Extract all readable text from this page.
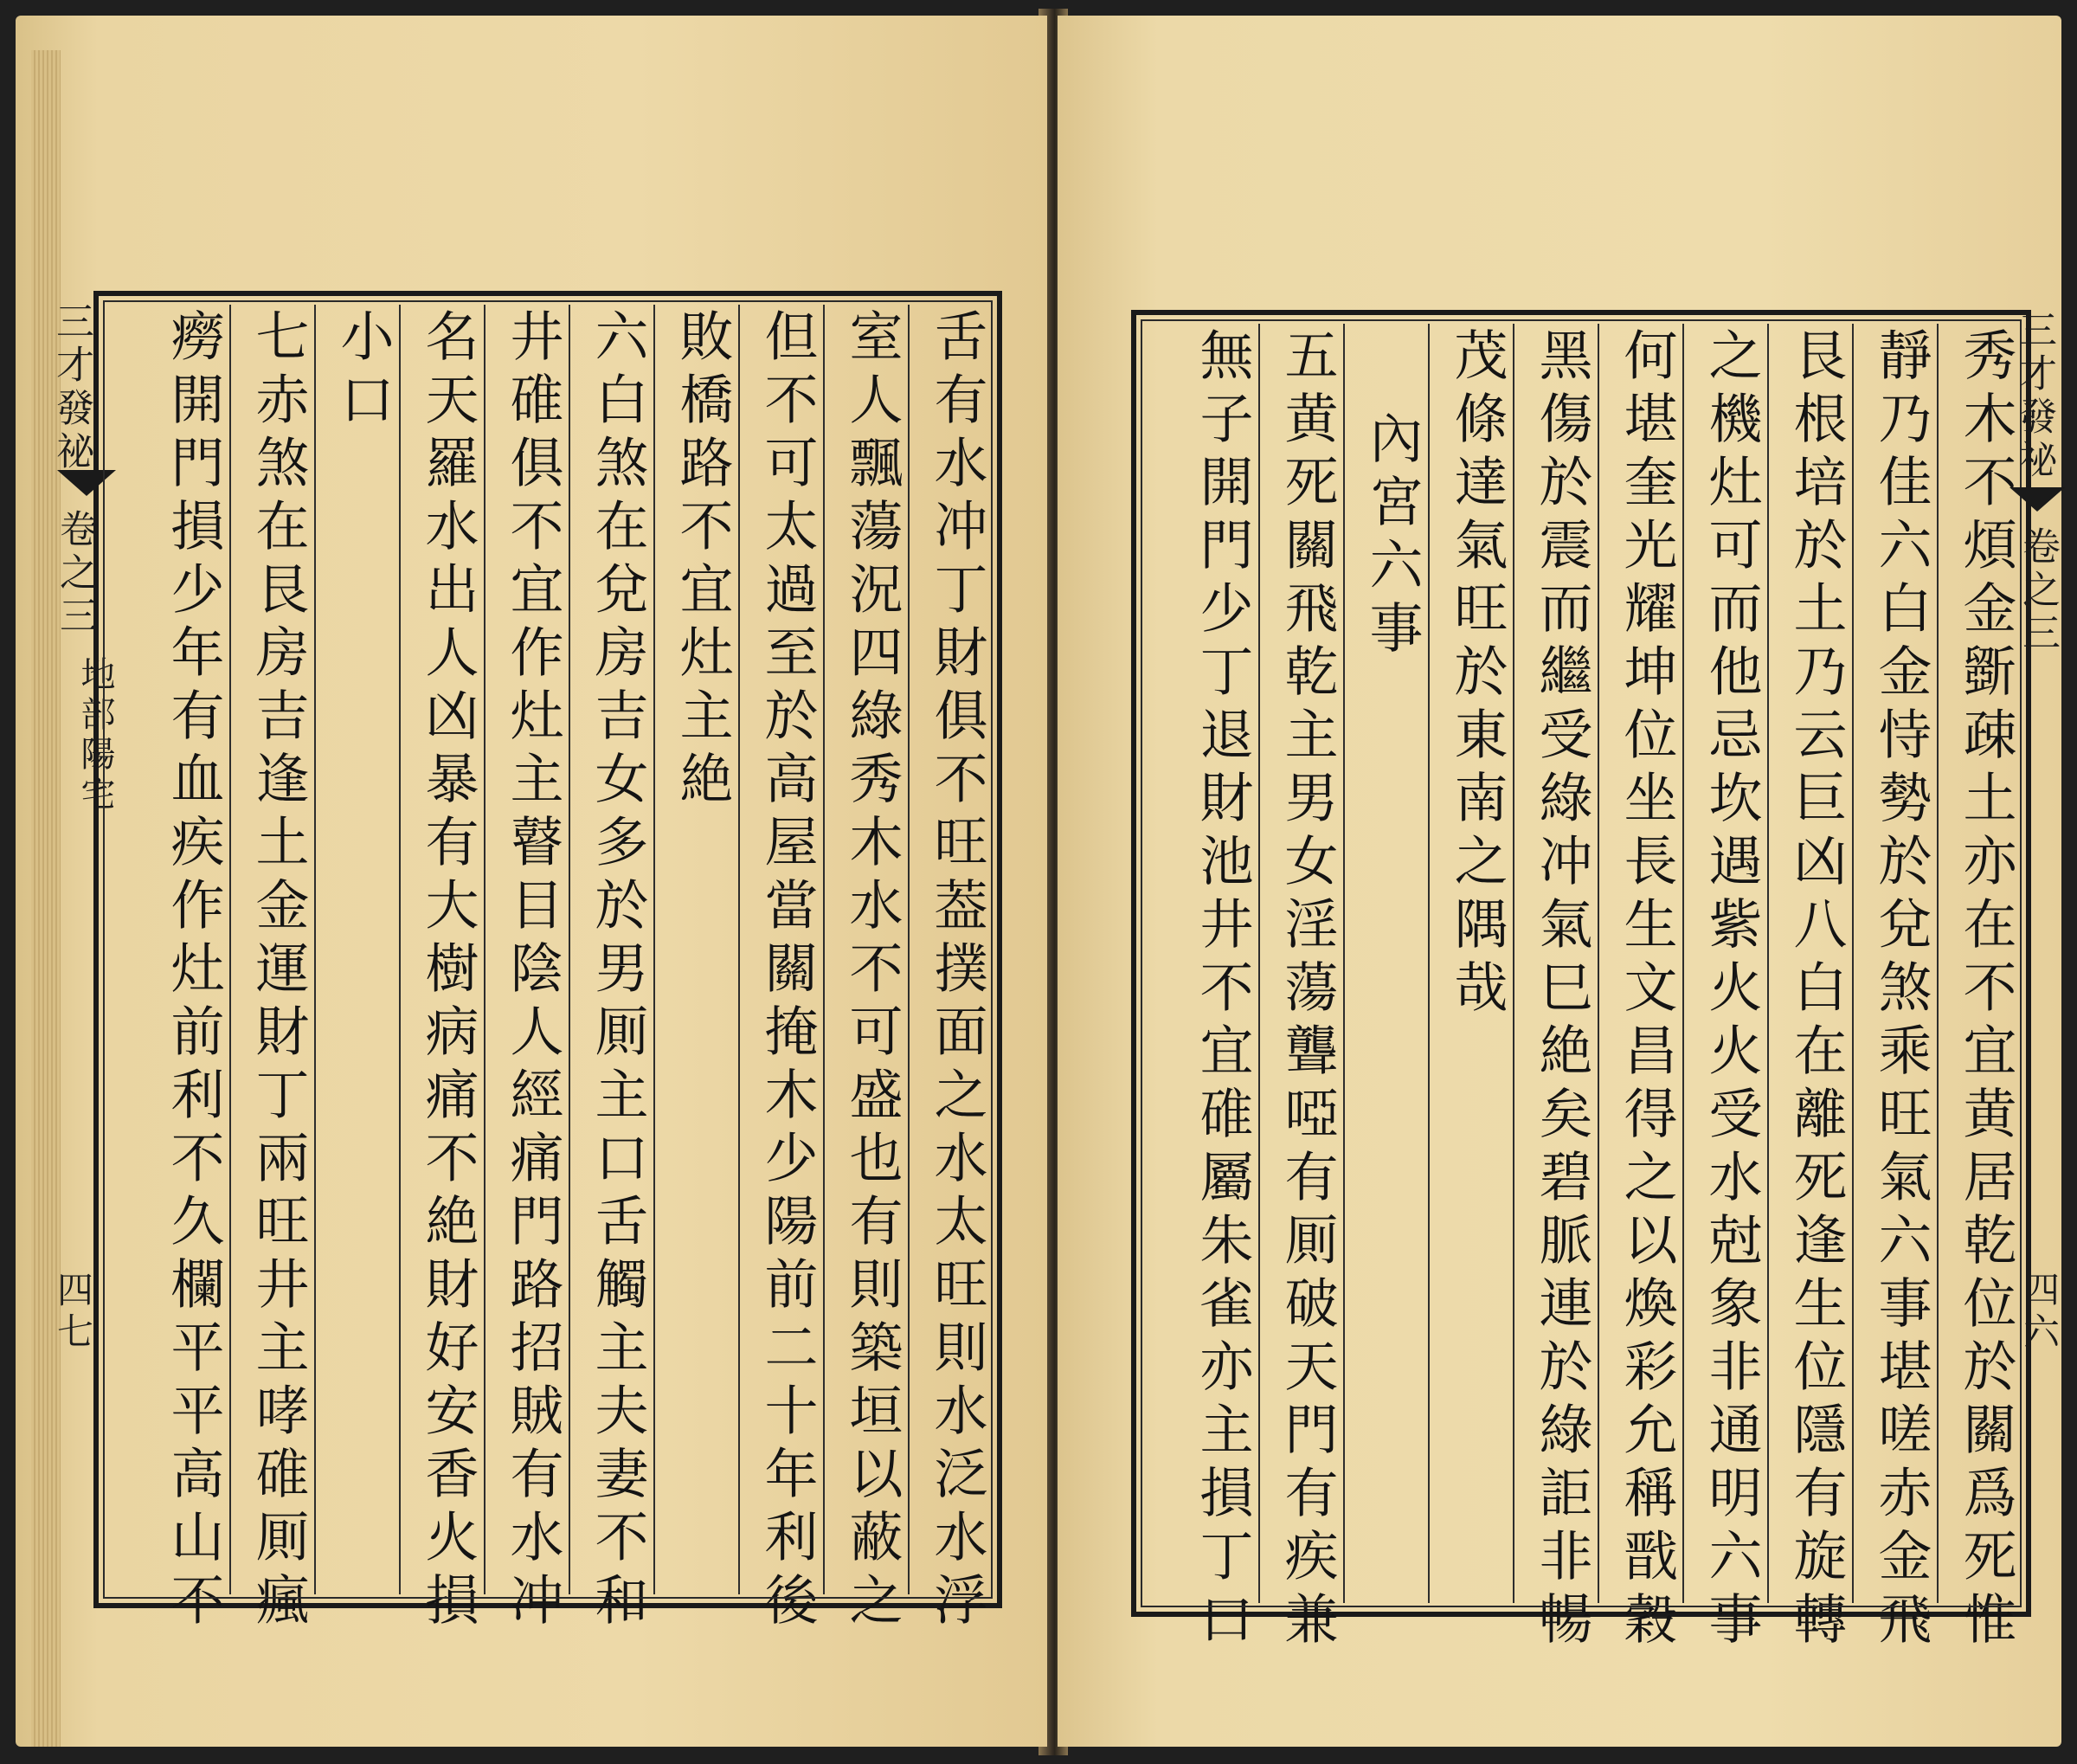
三才發祕
卷之三
地部陽宅
四七	舌有水冲丁財俱不旺葢撲面之水太旺則水泛水浮
室人飄蕩況四綠秀木水不可盛也有則築垣以蔽之
但不可太過至於高屋當關掩木少陽前二十年利後
敗橋路不宜灶主絶
六白煞在兌房吉女多於男厠主口舌觸主夫妻不和
井碓俱不宜作灶主瞽目陰人經痛門路招賊有水冲
名天羅水出人凶暴有大樹病痛不絶財好安香火損
小口
七赤煞在艮房吉逢土金運財丁兩旺井主哮碓厠瘋
癆開門損少年有血疾作灶前利不久欄平平高山不	秀木不煩金斵疎土亦在不宜黄居乾位於關爲死惟
靜乃佳六白金恃勢於兌煞乘旺氣六事堪嗟赤金飛
艮根培於土乃云巨凶八白在離死逢生位隱有旋轉
之機灶可而他忌坎遇紫火火受水尅象非通明六事
何堪奎光耀坤位坐長生文昌得之以煥彩允稱戬穀
黑傷於震而繼受綠冲氣巳絶矣碧脈連於綠詎非暢
茂條達氣旺於東南之隅哉
內宮六事
五黄死關飛乾主男女淫蕩聾啞有厠破天門有疾兼
無子開門少丁退財池井不宜碓屬朱雀亦主損丁口	三才發祕
卷之三
四六
